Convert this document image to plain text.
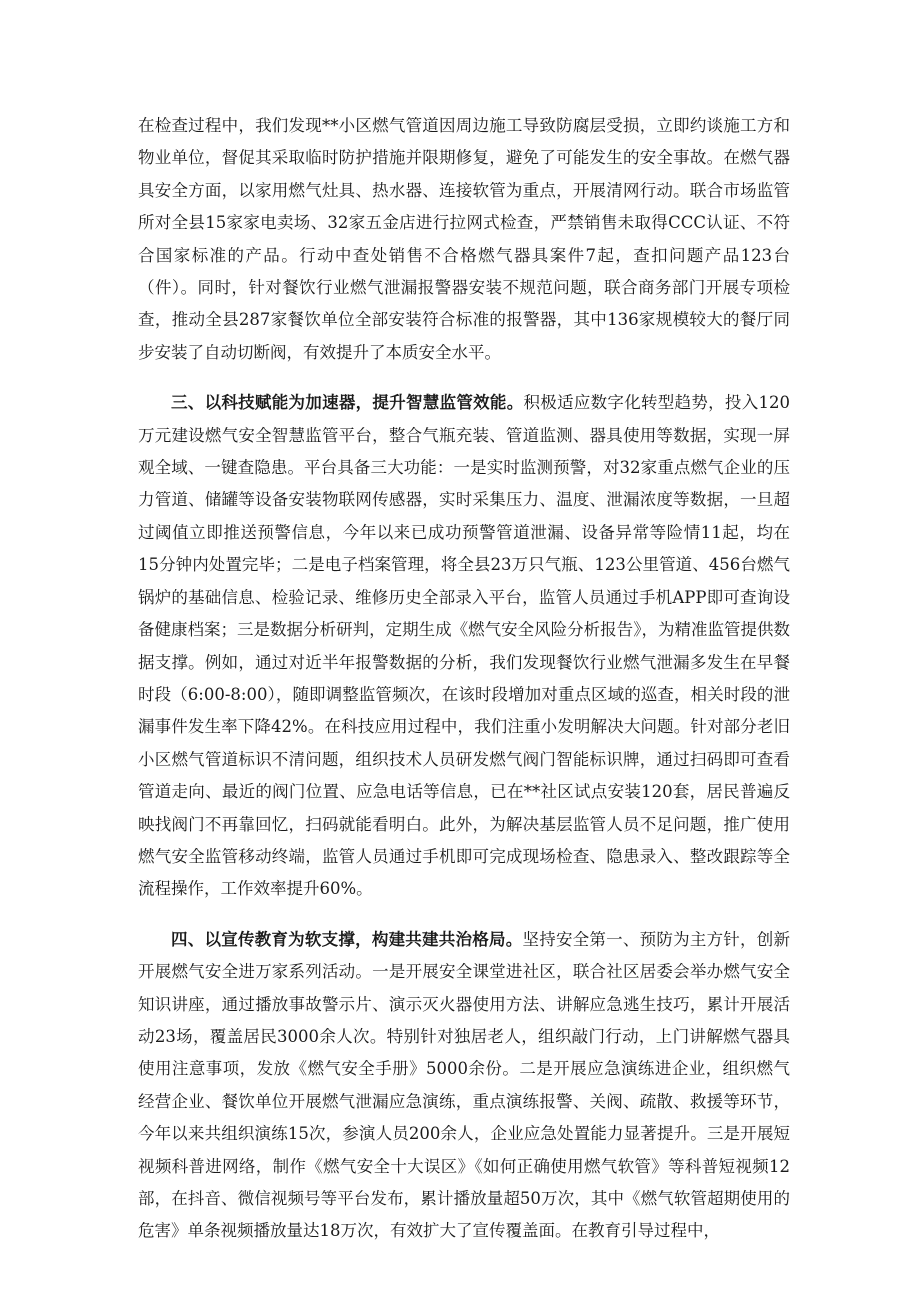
在检查过程中，我们发现**小区燃气管道因周边施工导致防腐层受损，立即约谈施工方和物业单位，督促其采取临时防护措施并限期修复，避免了可能发生的安全事故。在燃气器具安全方面，以家用燃气灶具、热水器、连接软管为重点，开展清网行动。联合市场监管所对全县15家家电卖场、32家五金店进行拉网式检查，严禁销售未取得CCC认证、不符合国家标准的产品。行动中查处销售不合格燃气器具案件7起，查扣问题产品123台（件）。同时，针对餐饮行业燃气泄漏报警器安装不规范问题，联合商务部门开展专项检查，推动全县287家餐饮单位全部安装符合标准的报警器，其中136家规模较大的餐厅同步安装了自动切断阀，有效提升了本质安全水平。

三、以科技赋能为加速器，提升智慧监管效能。积极适应数字化转型趋势，投入120万元建设燃气安全智慧监管平台，整合气瓶充装、管道监测、器具使用等数据，实现一屏观全域、一键查隐患。平台具备三大功能：一是实时监测预警，对32家重点燃气企业的压力管道、储罐等设备安装物联网传感器，实时采集压力、温度、泄漏浓度等数据，一旦超过阈值立即推送预警信息，今年以来已成功预警管道泄漏、设备异常等险情11起，均在15分钟内处置完毕；二是电子档案管理，将全县23万只气瓶、123公里管道、456台燃气锅炉的基础信息、检验记录、维修历史全部录入平台，监管人员通过手机APP即可查询设备健康档案；三是数据分析研判，定期生成《燃气安全风险分析报告》，为精准监管提供数据支撑。例如，通过对近半年报警数据的分析，我们发现餐饮行业燃气泄漏多发生在早餐时段（6:00-8:00），随即调整监管频次，在该时段增加对重点区域的巡查，相关时段的泄漏事件发生率下降42%。在科技应用过程中，我们注重小发明解决大问题。针对部分老旧小区燃气管道标识不清问题，组织技术人员研发燃气阀门智能标识牌，通过扫码即可查看管道走向、最近的阀门位置、应急电话等信息，已在**社区试点安装120套，居民普遍反映找阀门不再靠回忆，扫码就能看明白。此外，为解决基层监管人员不足问题，推广使用燃气安全监管移动终端，监管人员通过手机即可完成现场检查、隐患录入、整改跟踪等全流程操作，工作效率提升60%。

四、以宣传教育为软支撑，构建共建共治格局。坚持安全第一、预防为主方针，创新开展燃气安全进万家系列活动。一是开展安全课堂进社区，联合社区居委会举办燃气安全知识讲座，通过播放事故警示片、演示灭火器使用方法、讲解应急逃生技巧，累计开展活动23场，覆盖居民3000余人次。特别针对独居老人，组织敲门行动，上门讲解燃气器具使用注意事项，发放《燃气安全手册》5000余份。二是开展应急演练进企业，组织燃气经营企业、餐饮单位开展燃气泄漏应急演练，重点演练报警、关阀、疏散、救援等环节，今年以来共组织演练15次，参演人员200余人，企业应急处置能力显著提升。三是开展短视频科普进网络，制作《燃气安全十大误区》《如何正确使用燃气软管》等科普短视频12部，在抖音、微信视频号等平台发布，累计播放量超50万次，其中《燃气软管超期使用的危害》单条视频播放量达18万次，有效扩大了宣传覆盖面。在教育引导过程中，
